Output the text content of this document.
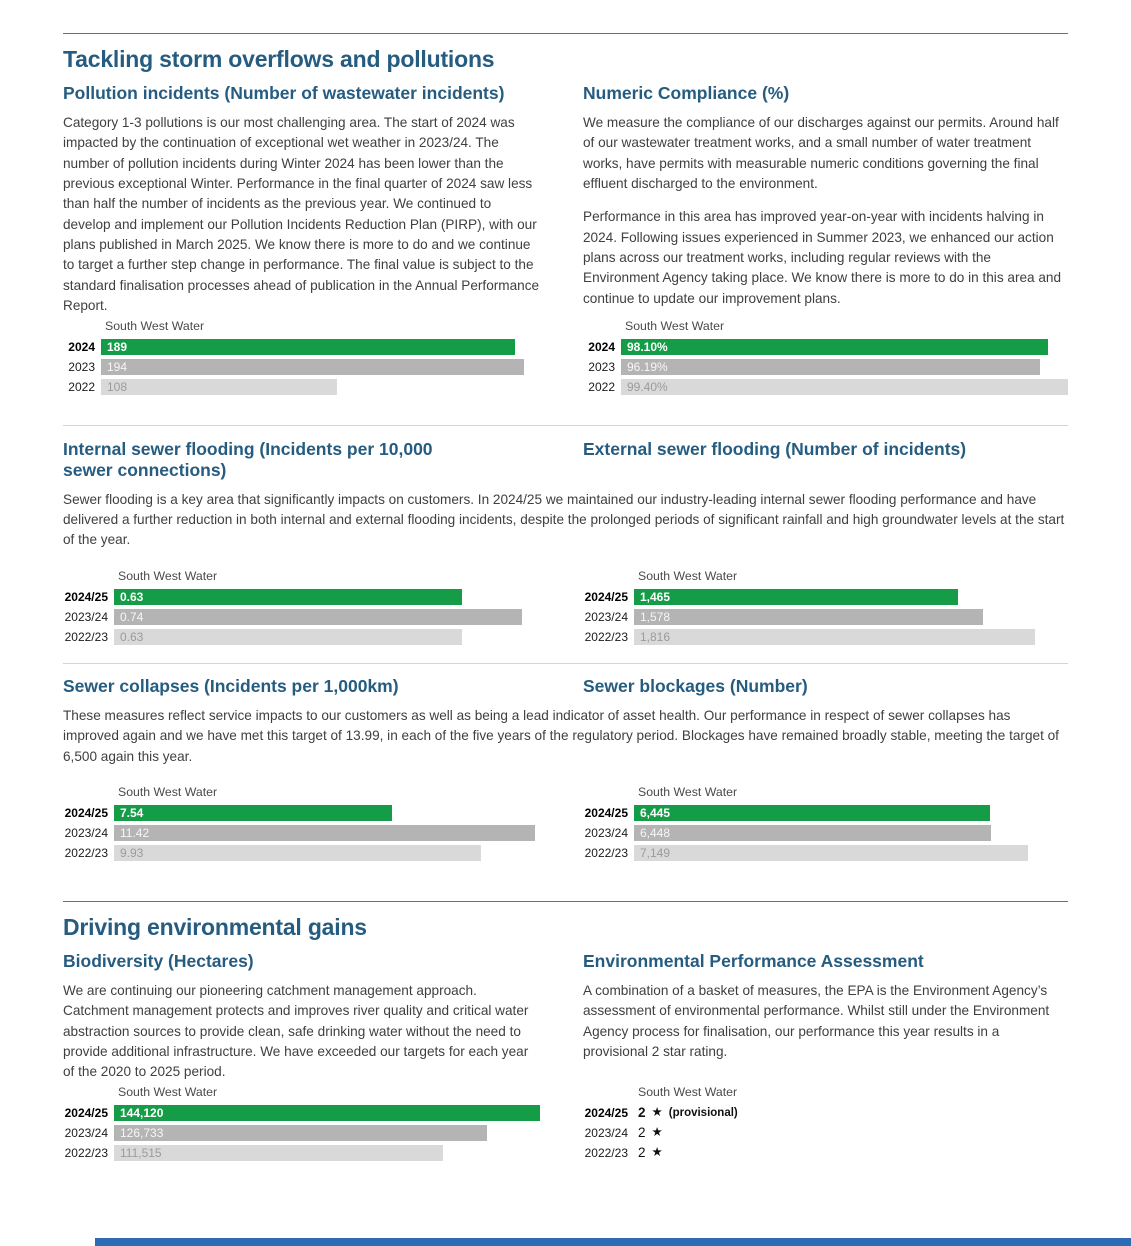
Tackling storm overflows and pollutions
Pollution incidents (Number of wastewater incidents)

Category 1-3 pollutions is our most challenging area. The start of 2024 was impacted by the continuation of exceptional wet weather in 2023/24. The number of pollution incidents during Winter 2024 has been lower than the previous exceptional Winter. Performance in the final quarter of 2024 saw less than half the number of incidents as the previous year. We continued to develop and implement our Pollution Incidents Reduction Plan (PIRP), with our plans published in March 2025. We know there is more to do and we continue to target a further step change in performance. The final value is subject to the standard finalisation processes ahead of publication in the Annual Performance Report.

Numeric Compliance (%)

We measure the compliance of our discharges against our permits. Around half of our wastewater treatment works, and a small number of water treatment works, have permits with measurable numeric conditions governing the final effluent discharged to the environment.

Performance in this area has improved year-on-year with incidents halving in 2024. Following issues experienced in Summer 2023, we enhanced our action plans across our treatment works, including regular reviews with the Environment Agency taking place. We know there is more to do in this area and continue to update our improvement plans.

South West Water
2024	189
2023	194
2022	108
South West Water
2024	98.10%
2023	96.19%
2022	99.40%
Internal sewer flooding (Incidents per 10,000 sewer connections)
External sewer flooding (Number of incidents)

Sewer flooding is a key area that significantly impacts on customers. In 2024/25 we maintained our industry-leading internal sewer flooding performance and have delivered a further reduction in both internal and external flooding incidents, despite the prolonged periods of significant rainfall and high groundwater levels at the start of the year.

South West Water
2024/25	0.63
2023/24	0.74
2022/23	0.63
South West Water
2024/25	1,465
2023/24	1,578
2022/23	1,816
Sewer collapses (Incidents per 1,000km)	Sewer blockages (Number)

These measures reflect service impacts to our customers as well as being a lead indicator of asset health. Our performance in respect of sewer collapses has improved again and we have met this target of 13.99, in each of the five years of the regulatory period. Blockages have remained broadly stable, meeting the target of 6,500 again this year.

South West Water
2024/25	7.54
2023/24	11.42
2022/23	9.93
South West Water
2024/25	6,445
2023/24	6,448
2022/23	7,149
Driving environmental gains
Biodiversity (Hectares)

We are continuing our pioneering catchment management approach. Catchment management protects and improves river quality and critical water abstraction sources to provide clean, safe drinking water without the need to provide additional infrastructure. We have exceeded our targets for each year of the 2020 to 2025 period.

Environmental Performance Assessment

A combination of a basket of measures, the EPA is the Environment Agency’s assessment of environmental performance. Whilst still under the Environment Agency process for finalisation, our performance this year results in a provisional 2 star rating.

South West Water
2024/25	144,120
2023/24	126,733
2022/23	111,515
South West Water
2024/25 2 ★ (provisional)
2023/24 2 ★
2022/23 2 ★
